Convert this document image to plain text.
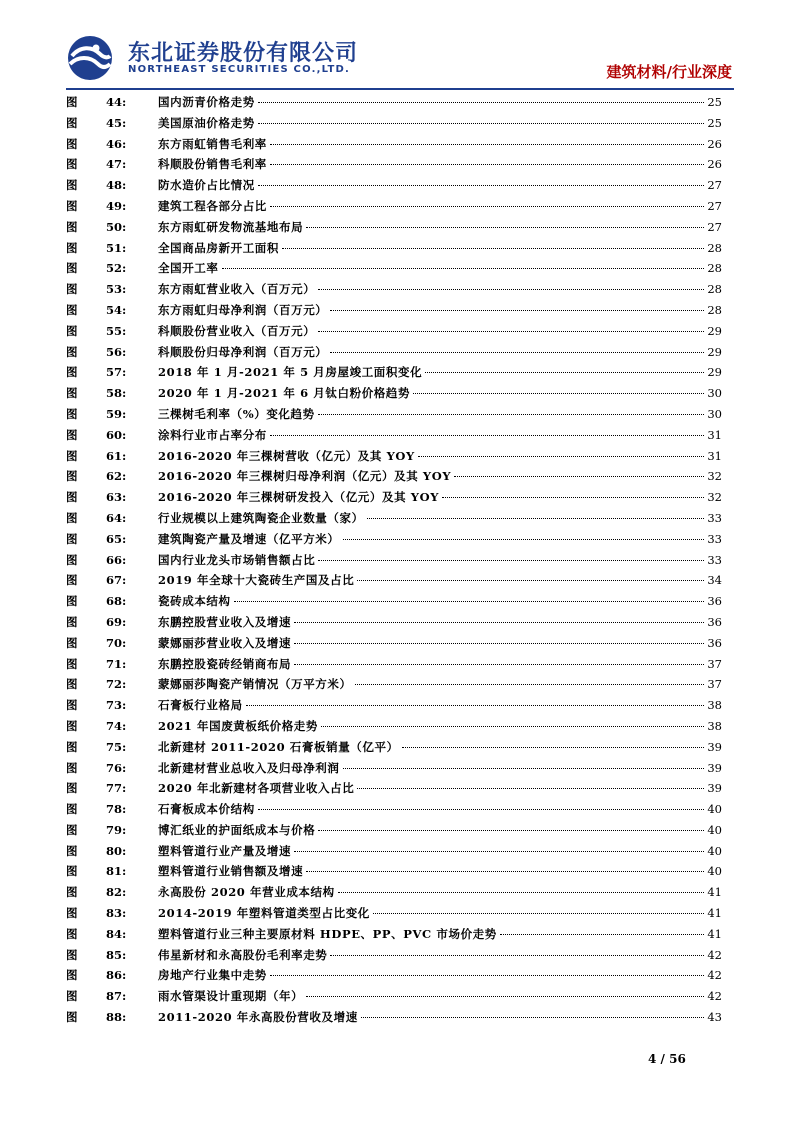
东北证券股份有限公司
NORTHEAST SECURITIES CO.,LTD.	建筑材料/行业深度
图 44:	国内沥青价格走势	25
图 45:	美国原油价格走势	25
图 46:	东方雨虹销售毛利率	26
图 47:	科顺股份销售毛利率	26
图 48:	防水造价占比情况	27
图 49:	建筑工程各部分占比	27
图 50:	东方雨虹研发物流基地布局	27
图 51:	全国商品房新开工面积	28
图 52:	全国开工率	28
图 53:	东方雨虹营业收入（百万元）	28
图 54:	东方雨虹归母净利润（百万元）	28
图 55:	科顺股份营业收入（百万元）	29
图 56:	科顺股份归母净利润（百万元）	29
图 57:	2018 年 1 月-2021 年 5 月房屋竣工面积变化	29
图 58:	2020 年 1 月-2021 年 6 月钛白粉价格趋势	30
图 59:	三棵树毛利率（%）变化趋势	30
图 60:	涂料行业市占率分布	31
图 61:	2016-2020 年三棵树营收（亿元）及其 YOY	31
图 62:	2016-2020 年三棵树归母净利润（亿元）及其 YOY	32
图 63:	2016-2020 年三棵树研发投入（亿元）及其 YOY	32
图 64:	行业规模以上建筑陶瓷企业数量（家）	33
图 65:	建筑陶瓷产量及增速（亿平方米）	33
图 66:	国内行业龙头市场销售额占比	33
图 67:	2019 年全球十大瓷砖生产国及占比	34
图 68:	瓷砖成本结构	36
图 69:	东鹏控股营业收入及增速	36
图 70:	蒙娜丽莎营业收入及增速	36
图 71:	东鹏控股瓷砖经销商布局	37
图 72:	蒙娜丽莎陶瓷产销情况（万平方米）	37
图 73:	石膏板行业格局	38
图 74:	2021 年国废黄板纸价格走势	38
图 75:	北新建材 2011-2020 石膏板销量（亿平）	39
图 76:	北新建材营业总收入及归母净利润	39
图 77:	2020 年北新建材各项营业收入占比	39
图 78:	石膏板成本价结构	40
图 79:	博汇纸业的护面纸成本与价格	40
图 80:	塑料管道行业产量及增速	40
图 81:	塑料管道行业销售额及增速	40
图 82:	永高股份 2020 年营业成本结构	41
图 83:	2014-2019 年塑料管道类型占比变化	41
图 84:	塑料管道行业三种主要原材料 HDPE、PP、PVC 市场价走势	41
图 85:	伟星新材和永高股份毛利率走势	42
图 86:	房地产行业集中走势	42
图 87:	雨水管渠设计重现期（年）	42
图 88:	2011-2020 年永高股份营收及增速	43
4 / 56
